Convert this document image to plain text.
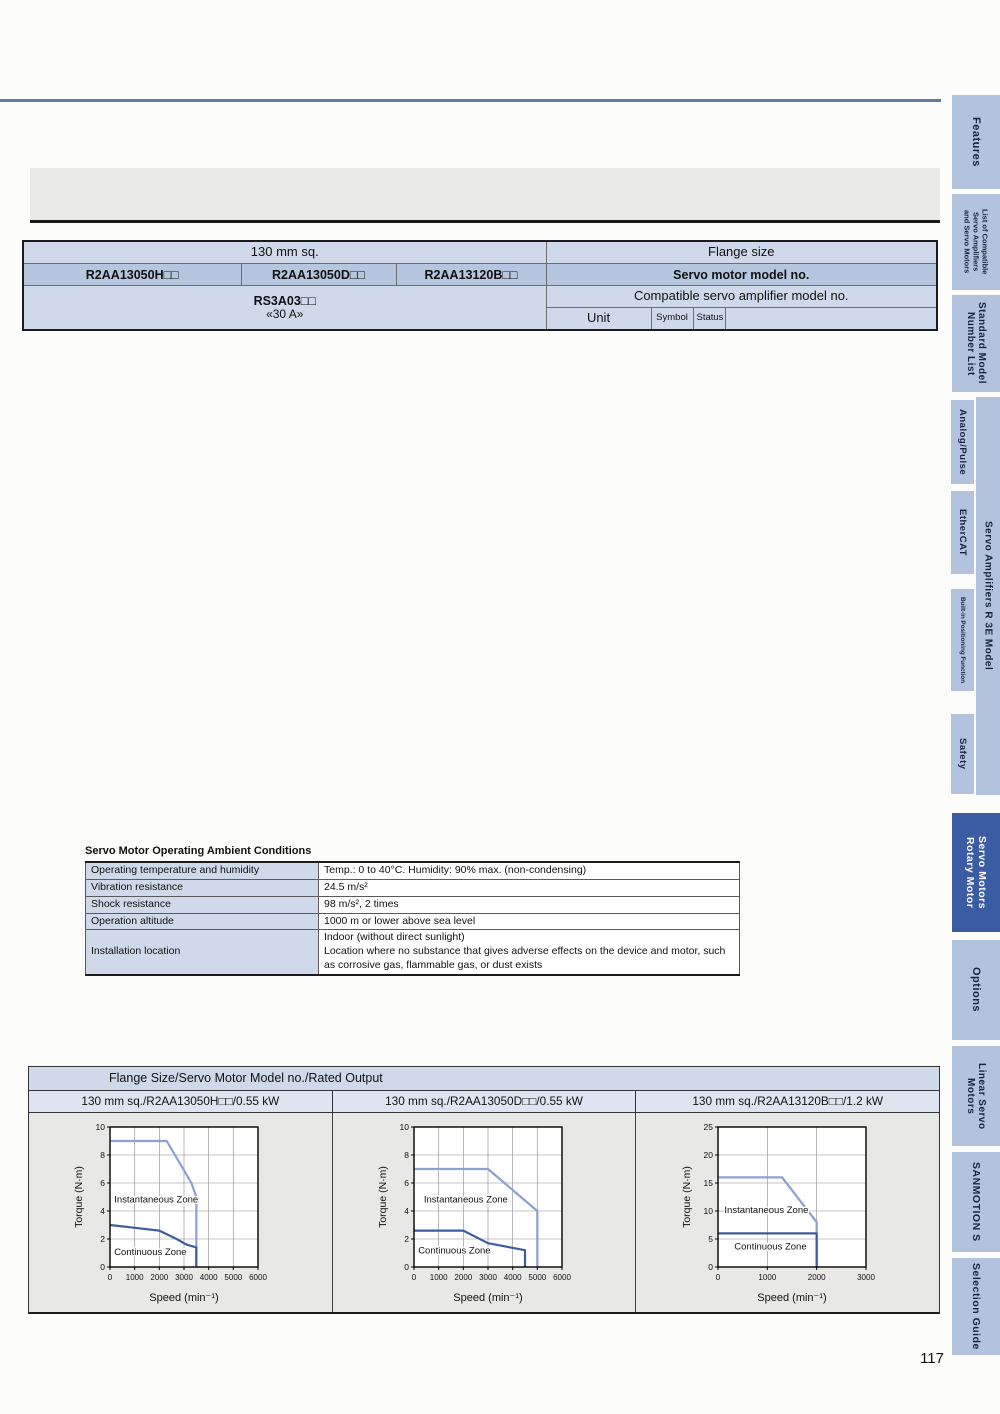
130 mm sq.			Flange size			
R2AA13050H□□	R2AA13050D□□	R2AA13120B□□	Servo motor model no.			

RS3A03□□
«30 A»			Compatible servo amplifier model no.			
			Unit	Symbol	Status	
Servo Motor Operating Ambient Conditions
Operating temperature and humidity	Temp.: 0 to 40°C. Humidity: 90% max. (non-condensing)
Vibration resistance	24.5 m/s²
Shock resistance	98 m/s², 2 times
Operation altitude	1000 m or lower above sea level
Installation location	Indoor (without direct sunlight)
Location where no substance that gives adverse effects on the device and motor, such
as corrosive gas, flammable gas, or dust exists
Flange Size/Servo Motor Model no./Rated Output
130 mm sq./R2AA13050H□□/0.55 kW	130 mm sq./R2AA13050D□□/0.55 kW	130 mm sq./R2AA13120B□□/1.2 kW
0 1000 2000 3000 4000 5000 6000
0
2
4
6
8
10
Instantaneous Zone
Continuous Zone
Speed (min⁻¹)
Torque (N·m)
0 1000 2000 3000 4000 5000 6000
0
2
4
6
8
10
Instantaneous Zone
Continuous Zone
Speed (min⁻¹)
Torque (N·m)
0	1000	2000	3000
0
5
10
15
20
25
Instantaneous Zone
Continuous Zone
Speed (min⁻¹)
Torque (N·m)
117
Features
List of Compatible
Servo Amplifiers
and Servo Motors
Standard Model
Number List
Servo Amplifiers R 3E Model
Analog/Pulse
EtherCAT
Built-in Positioning Function
Safety
Servo Motors
Rotary Motor
Options
Linear Servo
Motors
SANMOTION S
Selection Guide
